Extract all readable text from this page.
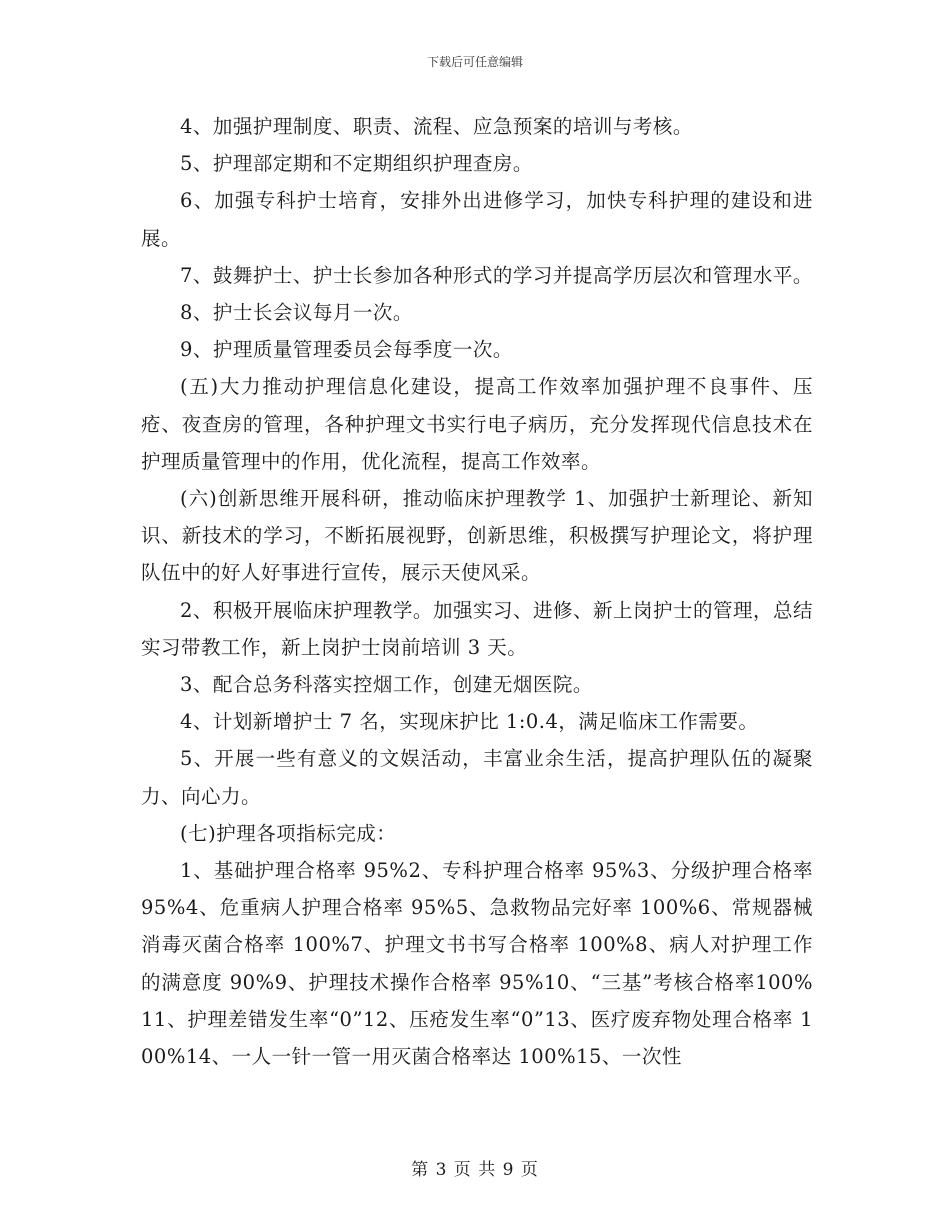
下载后可任意编辑

4、加强护理制度、职责、流程、应急预案的培训与考核。

5、护理部定期和不定期组织护理查房。

6、加强专科护士培育，安排外出进修学习，加快专科护理的建设和进展。

7、鼓舞护士、护士长参加各种形式的学习并提高学历层次和管理水平。

8、护士长会议每月一次。

9、护理质量管理委员会每季度一次。

(五)大力推动护理信息化建设，提高工作效率加强护理不良事件、压疮、夜查房的管理，各种护理文书实行电子病历，充分发挥现代信息技术在护理质量管理中的作用，优化流程，提高工作效率。

(六)创新思维开展科研，推动临床护理教学 1、加强护士新理论、新知识、新技术的学习，不断拓展视野，创新思维，积极撰写护理论文，将护理队伍中的好人好事进行宣传，展示天使风采。

2、积极开展临床护理教学。加强实习、进修、新上岗护士的管理，总结实习带教工作，新上岗护士岗前培训 3 天。

3、配合总务科落实控烟工作，创建无烟医院。

4、计划新增护士 7 名，实现床护比 1:0.4，满足临床工作需要。

5、开展一些有意义的文娱活动，丰富业余生活，提高护理队伍的凝聚力、向心力。

(七)护理各项指标完成：

1、基础护理合格率 95%2、专科护理合格率 95%3、分级护理合格率 95%4、危重病人护理合格率 95%5、急救物品完好率 100%6、常规器械消毒灭菌合格率 100%7、护理文书书写合格率 100%8、病人对护理工作的满意度 90%9、护理技术操作合格率 95%10、“三基”考核合格率100%11、护理差错发生率“0”12、压疮发生率“0”13、医疗废弃物处理合格率 100%14、一人一针一管一用灭菌合格率达 100%15、一次性

第 3 页 共 9 页
